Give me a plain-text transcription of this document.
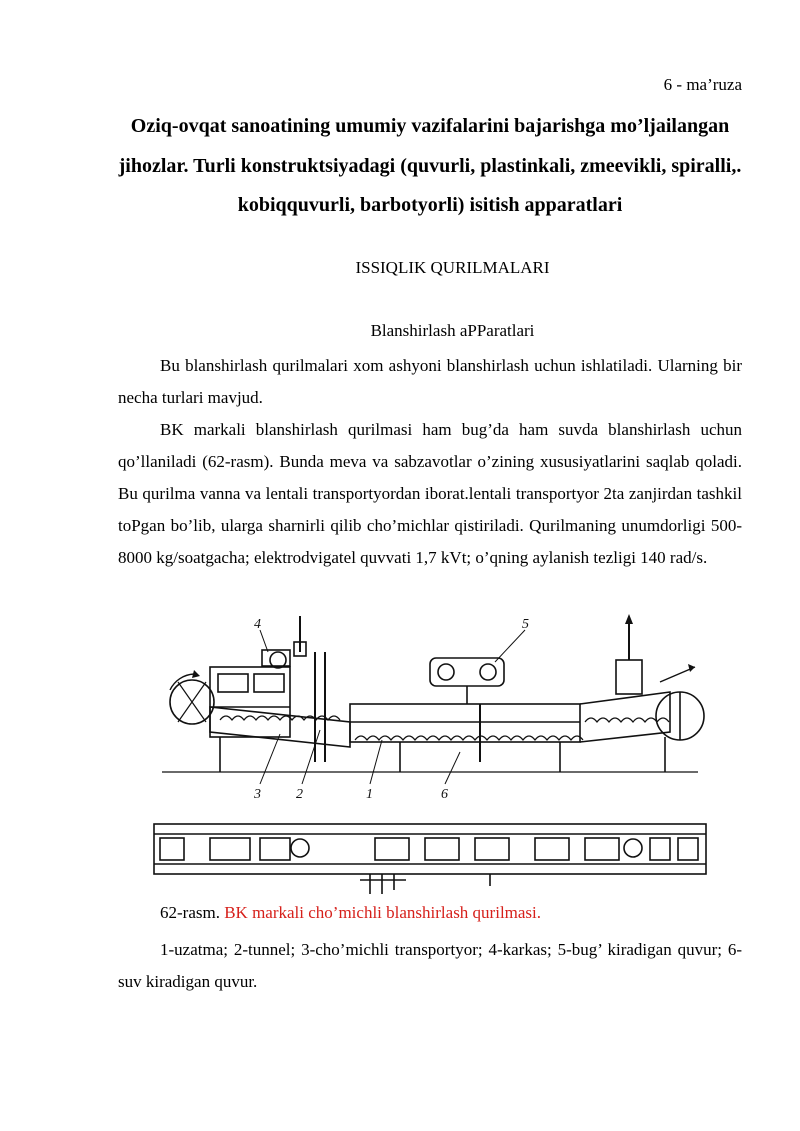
6 - ma’ruza
Oziq-ovqat sanoatining umumiy vazifalarini bajarishga mo’ljailangan jihozlar. Turli konstruktsiyadagi (quvurli, plastinkali, zmeevikli, spiralli,. kobiqquvurli, barbotyorli) isitish apparatlari
ISSIQLIK QURILMALARI
Blanshirlash aPParatlari

Bu blanshirlash qurilmalari xom ashyoni blanshirlash uchun ishlatiladi. Ularning bir necha turlari mavjud.

BK markali blanshirlash qurilmasi ham bug’da ham suvda blanshirlash uchun qo’llaniladi (62-rasm). Bunda meva va sabzavotlar o’zining xususiyatlarini saqlab qoladi. Bu qurilma vanna va lentali transportyordan iborat.lentali transportyor 2ta zanjirdan tashkil toPgan bo’lib, ularga sharnirli qilib cho’michlar qistiriladi. Qurilmaning unumdorligi 500-8000 kg/soatgacha; elektrodvigatel quvvati 1,7 kVt; o’qning aylanish tezligi 140 rad/s.

4	5
3	2	1	6
62-rasm. BK markali cho’michli blanshirlash qurilmasi.

1-uzatma; 2-tunnel; 3-cho’michli transportyor; 4-karkas; 5-bug’ kiradigan quvur; 6-suv kiradigan quvur.
